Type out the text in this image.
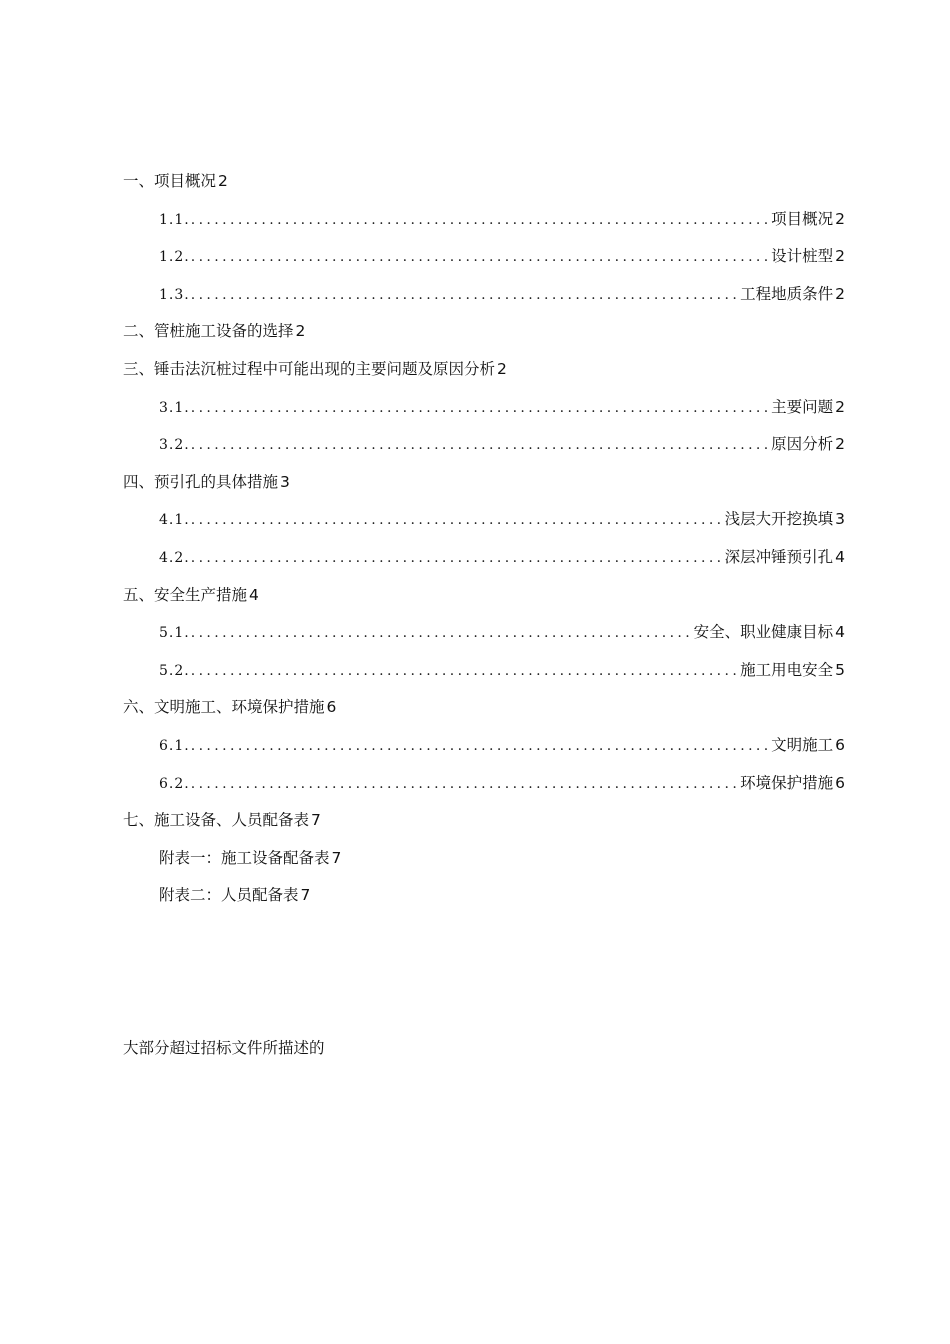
一、项目概况 2
1.1. .....	项目概况 2
1.2. .....	设计桩型 2
1.3. .....	工程地质条件 2
二、管桩施工设备的选择 2
三、锤击法沉桩过程中可能出现的主要问题及原因分析 2
3.1. .....	主要问题 2
3.2. .....	原因分析 2
四、预引孔的具体措施 3
4.1. .....	浅层大开挖换填 3
4.2. .....	深层冲锤预引孔 4
五、安全生产措施 4
5.1. .....	安全、职业健康目标 4
5.2. .....	施工用电安全 5
六、文明施工、环境保护措施 6
6.1. .....	文明施工 6
6.2. .....	环境保护措施 6
七、施工设备、人员配备表 7
附表一：施工设备配备表 7
附表二：人员配备表 7
大部分超过招标文件所描述的
